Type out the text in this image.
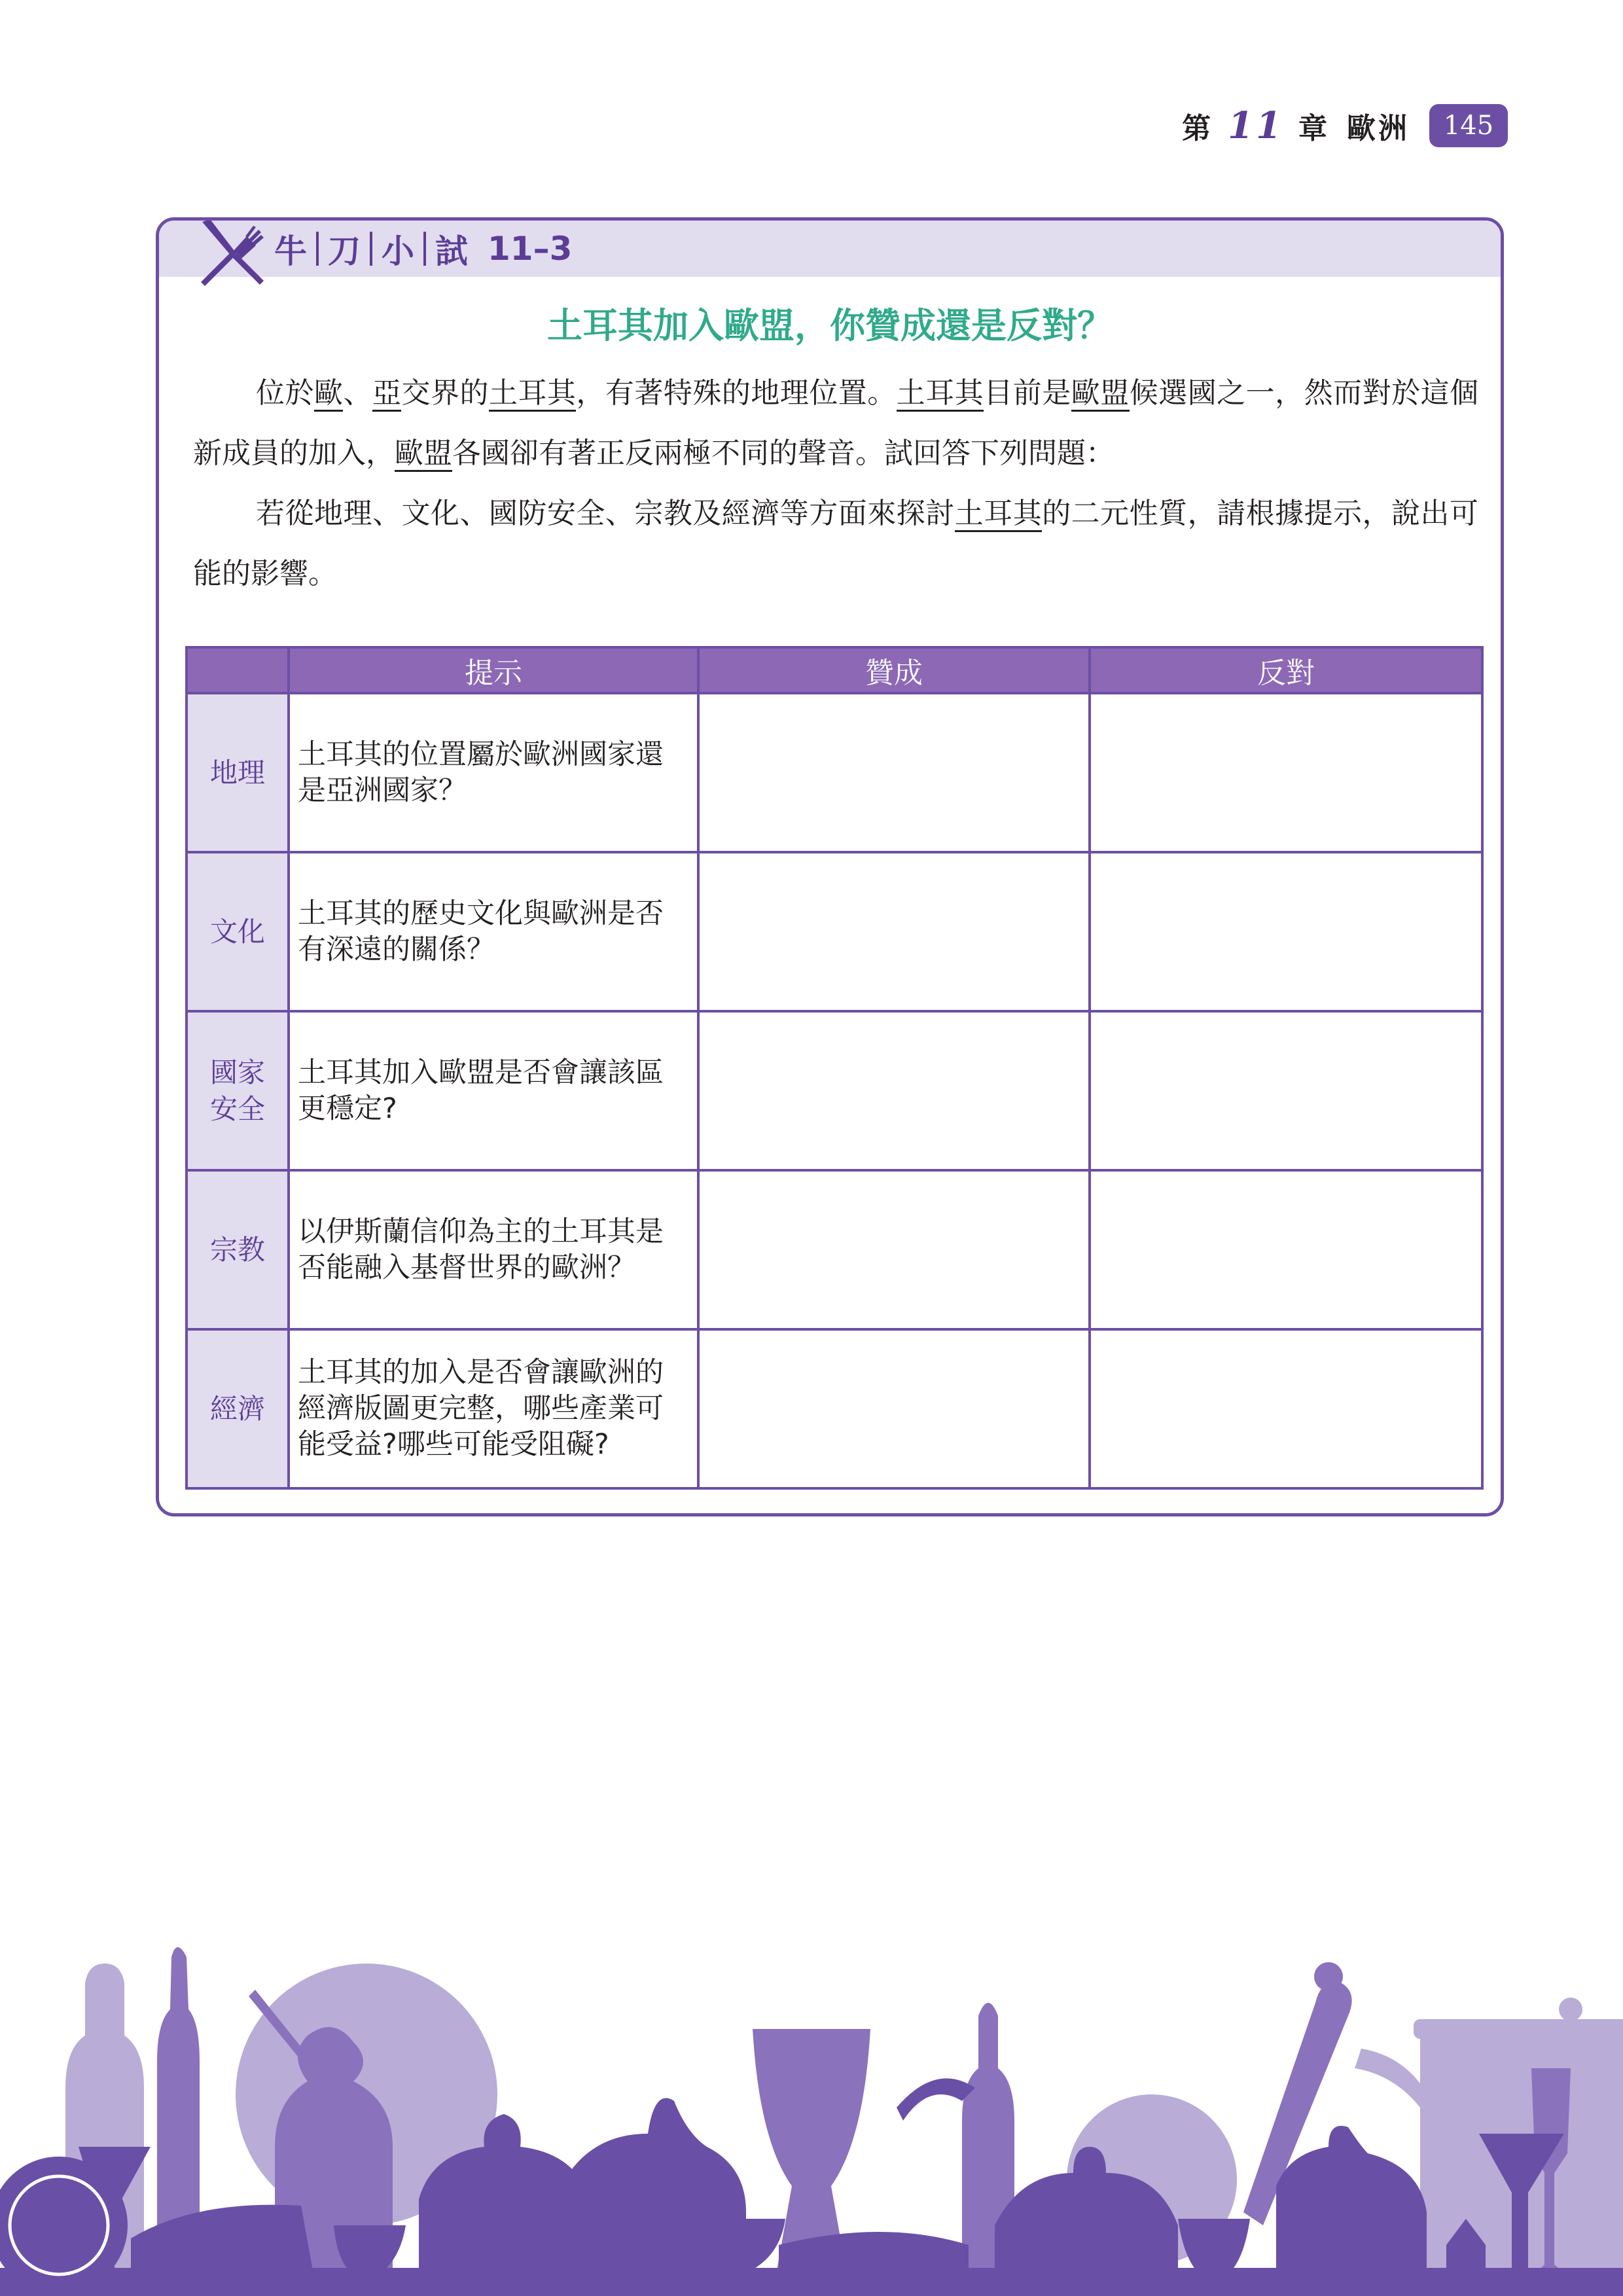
第 11 章 歐洲	145
牛 刀 小 試 11–3
土耳其加入歐盟，你贊成還是反對？

位於歐、亞交界的土耳其，有著特殊的地理位置。土耳其目前是歐盟候選國之一，然而對於這個新成員的加入，歐盟各國卻有著正反兩極不同的聲音。試回答下列問題：

若從地理、文化、國防安全、宗教及經濟等方面來探討土耳其的二元性質，請根據提示，說出可能的影響。

	提示	贊成	反對
地理	土耳其的位置屬於歐洲國家還是亞洲國家？		
文化	土耳其的歷史文化與歐洲是否有深遠的關係？		
國家安全	土耳其加入歐盟是否會讓該區更穩定?		
宗教	以伊斯蘭信仰為主的土耳其是否能融入基督世界的歐洲？		
經濟	土耳其的加入是否會讓歐洲的經濟版圖更完整，哪些產業可能受益?哪些可能受阻礙?		
